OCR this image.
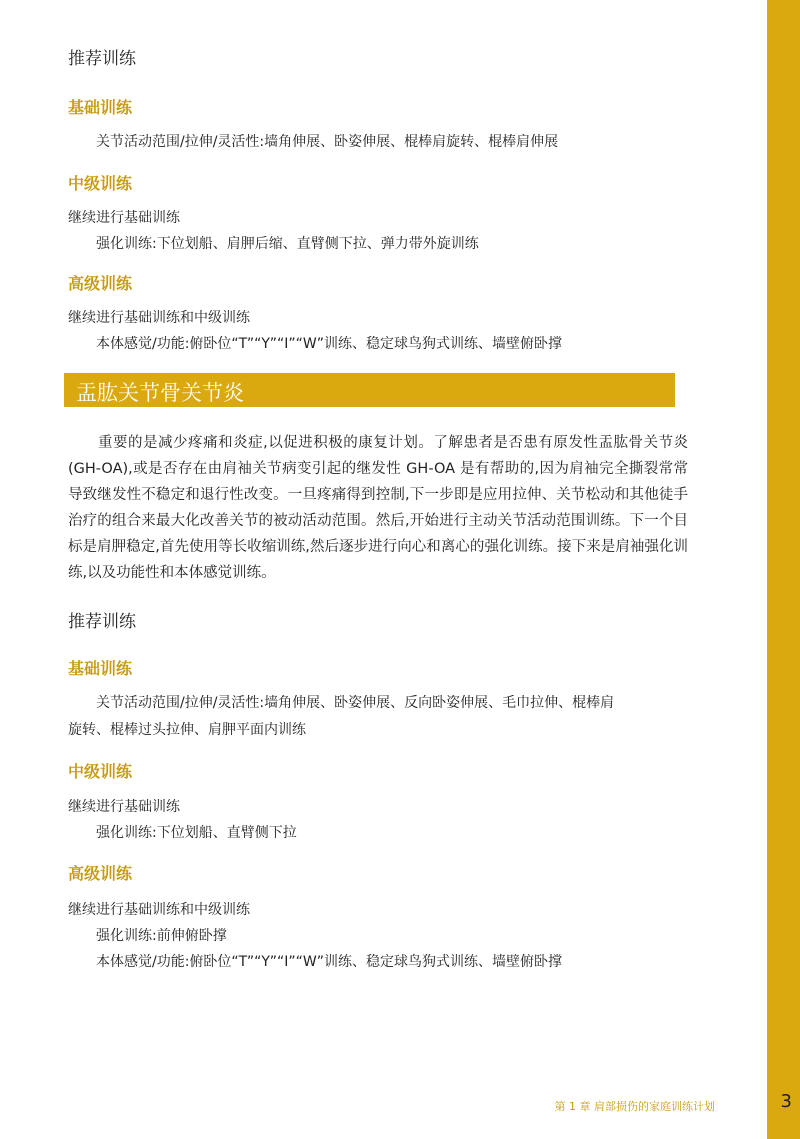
推荐训练
基础训练
关节活动范围/拉伸/灵活性:墙角伸展、卧姿伸展、棍棒肩旋转、棍棒肩伸展
中级训练
继续进行基础训练
强化训练:下位划船、肩胛后缩、直臂侧下拉、弹力带外旋训练
高级训练
继续进行基础训练和中级训练
本体感觉/功能:俯卧位“T”“Y”“I”“W”训练、稳定球鸟狗式训练、墙壁俯卧撑
盂肱关节骨关节炎

重要的是减少疼痛和炎症,以促进积极的康复计划。了解患者是否患有原发性盂肱骨关节炎(GH-OA),或是否存在由肩袖关节病变引起的继发性 GH-OA 是有帮助的,因为肩袖完全撕裂常常导致继发性不稳定和退行性改变。一旦疼痛得到控制,下一步即是应用拉伸、关节松动和其他徒手治疗的组合来最大化改善关节的被动活动范围。然后,开始进行主动关节活动范围训练。下一个目标是肩胛稳定,首先使用等长收缩训练,然后逐步进行向心和离心的强化训练。接下来是肩袖强化训练,以及功能性和本体感觉训练。

推荐训练
基础训练
关节活动范围/拉伸/灵活性:墙角伸展、卧姿伸展、反向卧姿伸展、毛巾拉伸、棍棒肩
旋转、棍棒过头拉伸、肩胛平面内训练
中级训练
继续进行基础训练
强化训练:下位划船、直臂侧下拉
高级训练
继续进行基础训练和中级训练
强化训练:前伸俯卧撑
本体感觉/功能:俯卧位“T”“Y”“I”“W”训练、稳定球鸟狗式训练、墙壁俯卧撑
第 1 章 肩部损伤的家庭训练计划	3
